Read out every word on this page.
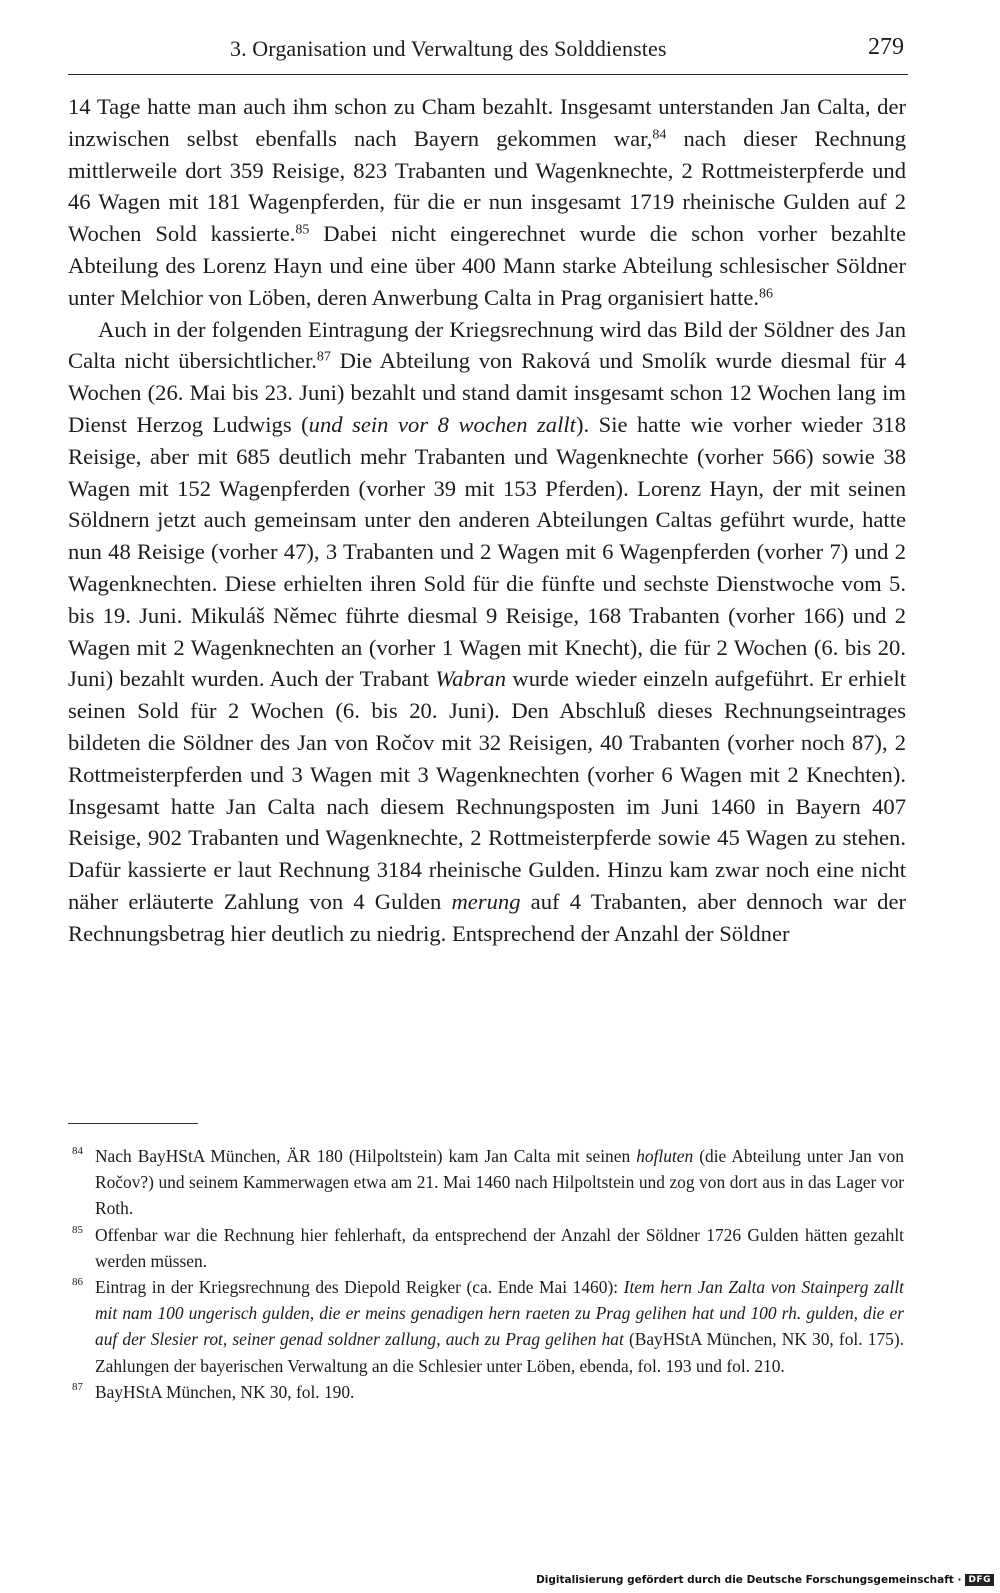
3. Organisation und Verwaltung des Solddienstes	279

14 Tage hatte man auch ihm schon zu Cham bezahlt. Insgesamt unterstanden Jan Calta, der inzwischen selbst ebenfalls nach Bayern gekommen war,$^{84}$ nach dieser Rechnung mittlerweile dort 359 Reisige, 823 Trabanten und Wagenknechte, 2 Rottmeisterpferde und 46 Wagen mit 181 Wagenpferden, für die er nun insgesamt 1719 rheinische Gulden auf 2 Wochen Sold kassierte.$^{85}$ Dabei nicht eingerechnet wurde die schon vorher bezahlte Abteilung des Lorenz Hayn und eine über 400 Mann starke Abteilung schlesischer Söldner unter Melchior von Löben, deren Anwerbung Calta in Prag organisiert hatte.$^{86}$

Auch in der folgenden Eintragung der Kriegsrechnung wird das Bild der Söldner des Jan Calta nicht übersichtlicher.$^{87}$ Die Abteilung von Raková und Smolík wurde diesmal für 4 Wochen (26. Mai bis 23. Juni) bezahlt und stand damit insgesamt schon 12 Wochen lang im Dienst Herzog Ludwigs (und sein vor 8 wochen zallt). Sie hatte wie vorher wieder 318 Reisige, aber mit 685 deutlich mehr Trabanten und Wagenknechte (vorher 566) sowie 38 Wagen mit 152 Wagenpferden (vorher 39 mit 153 Pferden). Lorenz Hayn, der mit seinen Söldnern jetzt auch gemeinsam unter den anderen Abteilungen Caltas geführt wurde, hatte nun 48 Reisige (vorher 47), 3 Trabanten und 2 Wagen mit 6 Wagenpferden (vorher 7) und 2 Wagenknechten. Diese erhielten ihren Sold für die fünfte und sechste Dienstwoche vom 5. bis 19. Juni. Mikuláš Němec führte diesmal 9 Reisige, 168 Trabanten (vorher 166) und 2 Wagen mit 2 Wagenknechten an (vorher 1 Wagen mit Knecht), die für 2 Wochen (6. bis 20. Juni) bezahlt wurden. Auch der Trabant Wabran wurde wieder einzeln aufgeführt. Er erhielt seinen Sold für 2 Wochen (6. bis 20. Juni). Den Abschluß dieses Rechnungseintrages bildeten die Söldner des Jan von Ročov mit 32 Reisigen, 40 Trabanten (vorher noch 87), 2 Rottmeisterpferden und 3 Wagen mit 3 Wagenknechten (vorher 6 Wagen mit 2 Knechten). Insgesamt hatte Jan Calta nach diesem Rechnungsposten im Juni 1460 in Bayern 407 Reisige, 902 Trabanten und Wagenknechte, 2 Rottmeisterpferde sowie 45 Wagen zu stehen. Dafür kassierte er laut Rechnung 3184 rheinische Gulden. Hinzu kam zwar noch eine nicht näher erläuterte Zahlung von 4 Gulden merung auf 4 Trabanten, aber dennoch war der Rechnungsbetrag hier deutlich zu niedrig. Entsprechend der Anzahl der Söldner

84 Nach BayHStA München, ÄR 180 (Hilpoltstein) kam Jan Calta mit seinen hofluten (die Abteilung unter Jan von Ročov?) und seinem Kammerwagen etwa am 21. Mai 1460 nach Hilpoltstein und zog von dort aus in das Lager vor Roth.

85 Offenbar war die Rechnung hier fehlerhaft, da entsprechend der Anzahl der Söldner 1726 Gulden hätten gezahlt werden müssen.

86 Eintrag in der Kriegsrechnung des Diepold Reigker (ca. Ende Mai 1460): Item hern Jan Zalta von Stainperg zallt mit nam 100 ungerisch gulden, die er meins genadigen hern raeten zu Prag gelihen hat und 100 rh. gulden, die er auf der Slesier rot, seiner genad soldner zallung, auch zu Prag gelihen hat (BayHStA München, NK 30, fol. 175). Zahlungen der bayerischen Verwaltung an die Schlesier unter Löben, ebenda, fol. 193 und fol. 210.

87 BayHStA München, NK 30, fol. 190.

Digitalisierung gefördert durch die Deutsche Forschungsgemeinschaft · DFG
